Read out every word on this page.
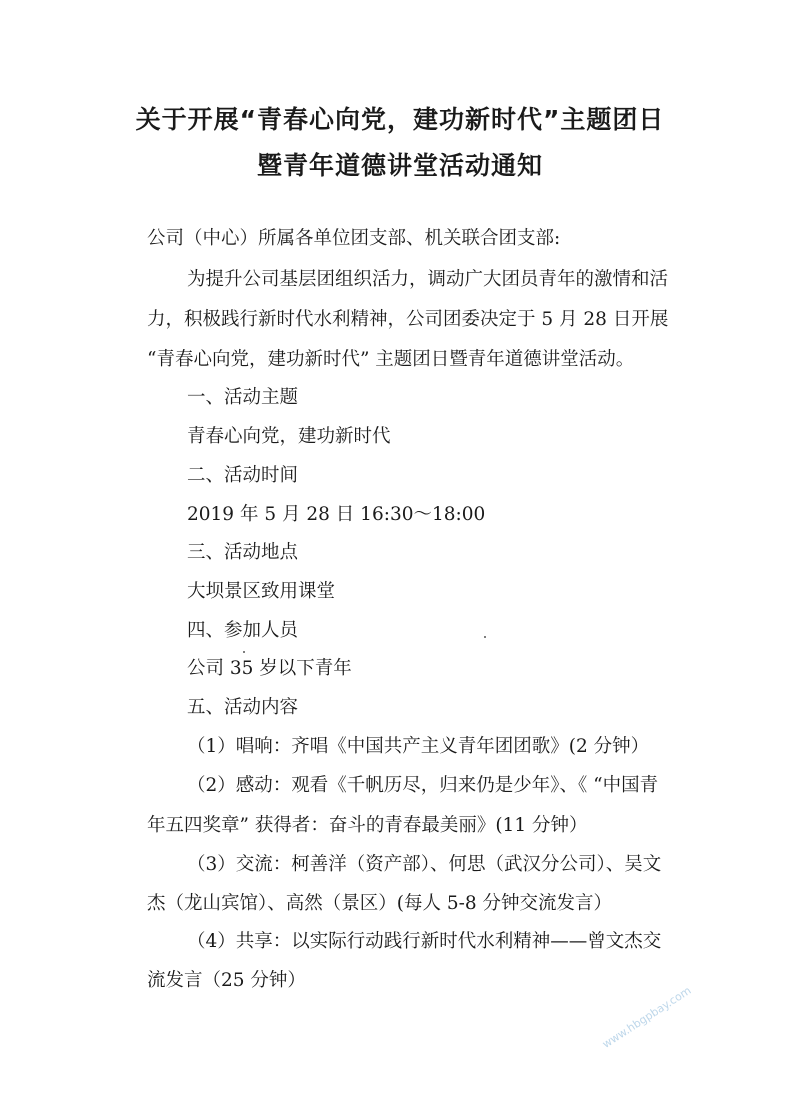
关于开展“青春心向党，建功新时代”主题团日
暨青年道德讲堂活动通知
公司（中心）所属各单位团支部、机关联合团支部:
为提升公司基层团组织活力，调动广大团员青年的激情和活
力，积极践行新时代水利精神，公司团委决定于 5 月 28 日开展
“青春心向党，建功新时代” 主题团日暨青年道德讲堂活动。
一、活动主题
青春心向党，建功新时代
二、活动时间
2019 年 5 月 28 日 16:30～18:00
三、活动地点
大坝景区致用课堂
四、参加人员
公司 35 岁以下青年
五、活动内容
（1）唱响：齐唱《中国共产主义青年团团歌》(2 分钟）
（2）感动：观看《千帆历尽，归来仍是少年》、《 “中国青
年五四奖章” 获得者：奋斗的青春最美丽》(11 分钟）
（3）交流：柯善洋（资产部）、何思（武汉分公司）、吴文
杰（龙山宾馆）、高然（景区）(每人 5-8 分钟交流发言）
（4）共享：以实际行动践行新时代水利精神——曾文杰交
流发言（25 分钟）
www.hbgpbay.com
